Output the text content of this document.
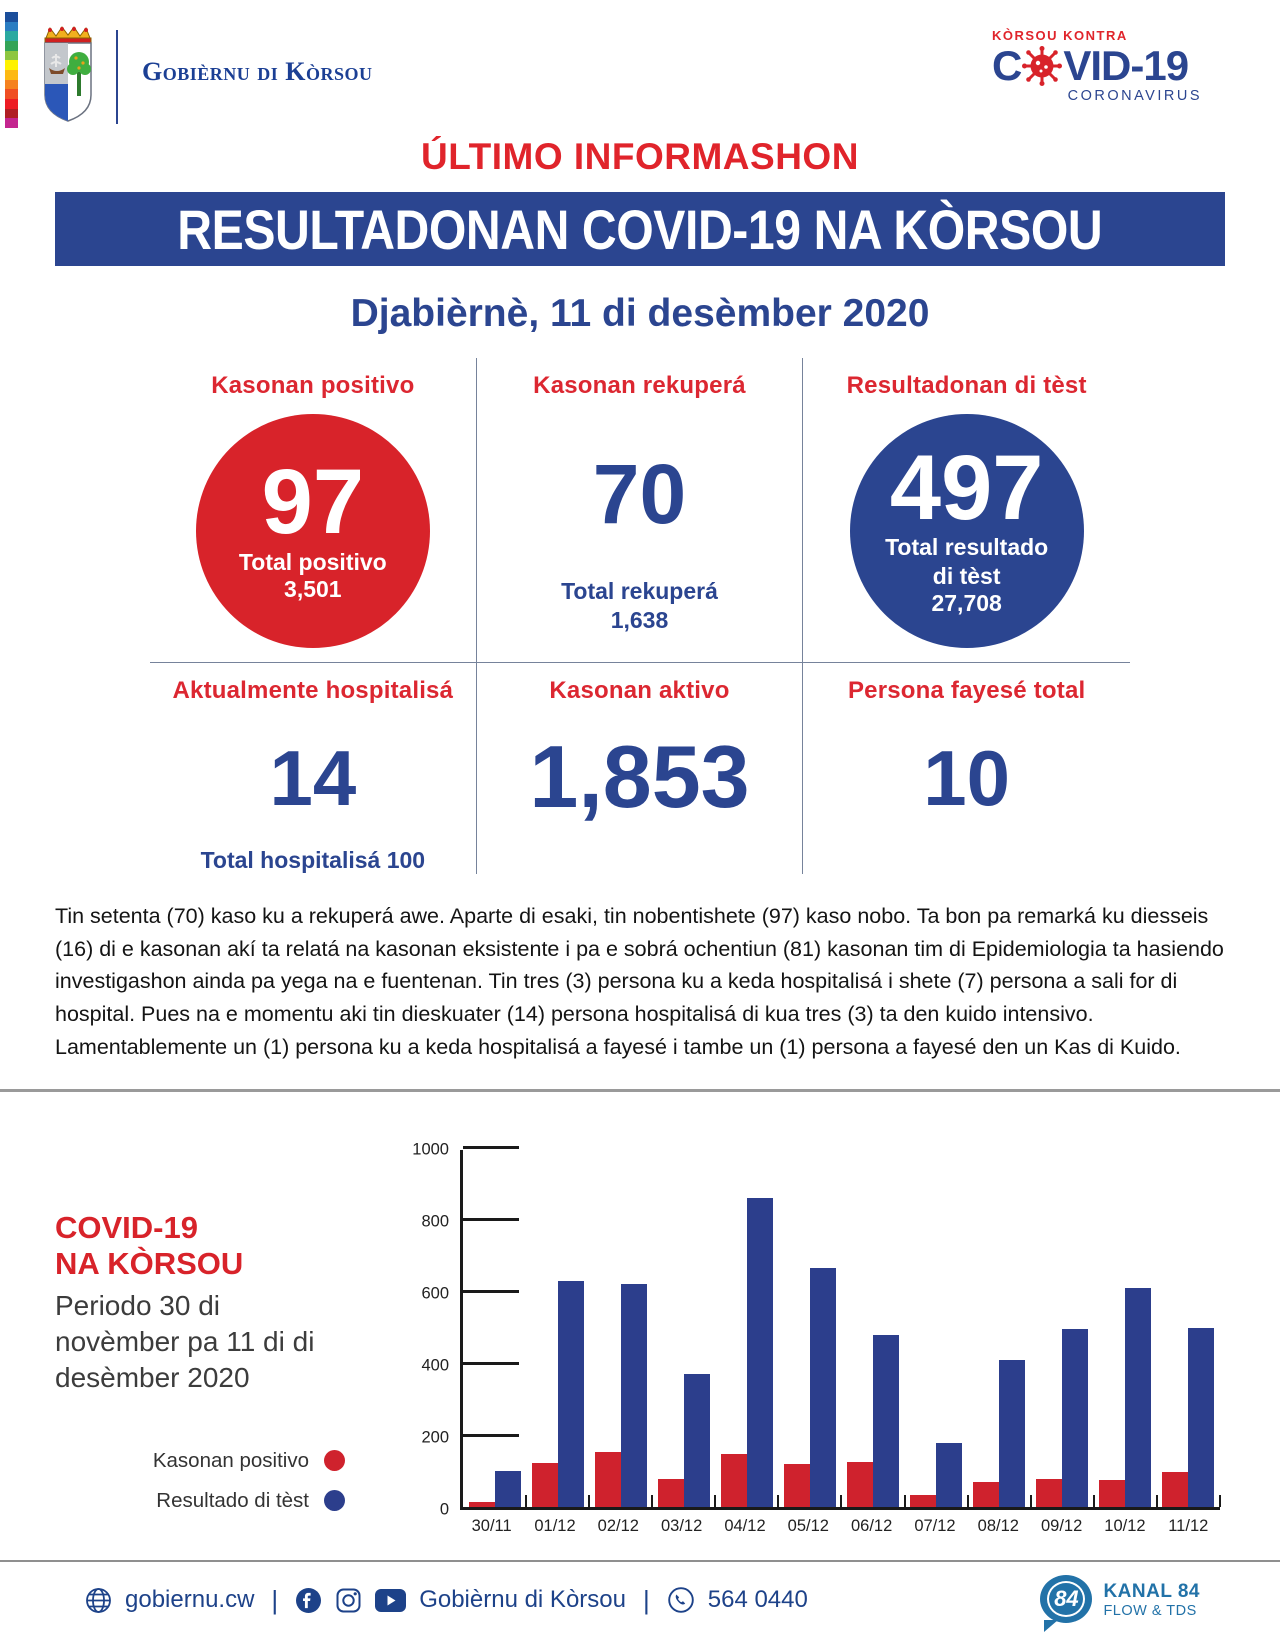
Gobièrnu di Kòrsou
KÒRSOU KONTRA
C VID-19
CORONAVIRUS
ÚLTIMO INFORMASHON
RESULTADONAN COVID-19 NA KÒRSOU
Djabièrnè, 11 di desèmber 2020
Kasonan positivo
97
Total positivo
3,501
Kasonan rekuperá
70
Total rekuperá
1,638
Resultadonan di tèst
497
Total resultado
di tèst
27,708
Aktualmente hospitalisá
14
Total hospitalisá 100
Kasonan aktivo
1,853
Persona fayesé total
10
Tin setenta (70) kaso ku a rekuperá awe. Aparte di esaki, tin nobentishete (97) kaso nobo. Ta bon pa remarká ku diesseis (16) di e kasonan akí ta relatá na kasonan eksistente i pa e sobrá ochentiun (81) kasonan tim di Epidemiologia ta hasiendo investigashon ainda pa yega na e fuentenan. Tin tres (3) persona ku a keda hospitalisá i shete (7) persona a sali for di hospital. Pues na e momentu aki tin dieskuater (14) persona hospitalisá di kua tres (3) ta den kuido intensivo. Lamentablemente un (1) persona ku a keda hospitalisá a fayesé i tambe un (1) persona a fayesé den un Kas di Kuido.
COVID-19
NA KÒRSOU
Periodo 30 di novèmber pa 11 di di desèmber 2020
Kasonan positivo
Resultado di tèst	0
200
400
600
800
1000
30/11	01/12	02/12	03/12	04/12	05/12	06/12	07/12	08/12	09/12	10/12	11/12
gobiernu.cw |	Gobièrnu di Kòrsou | 564 0440	84	KANAL 84
FLOW & TDS
